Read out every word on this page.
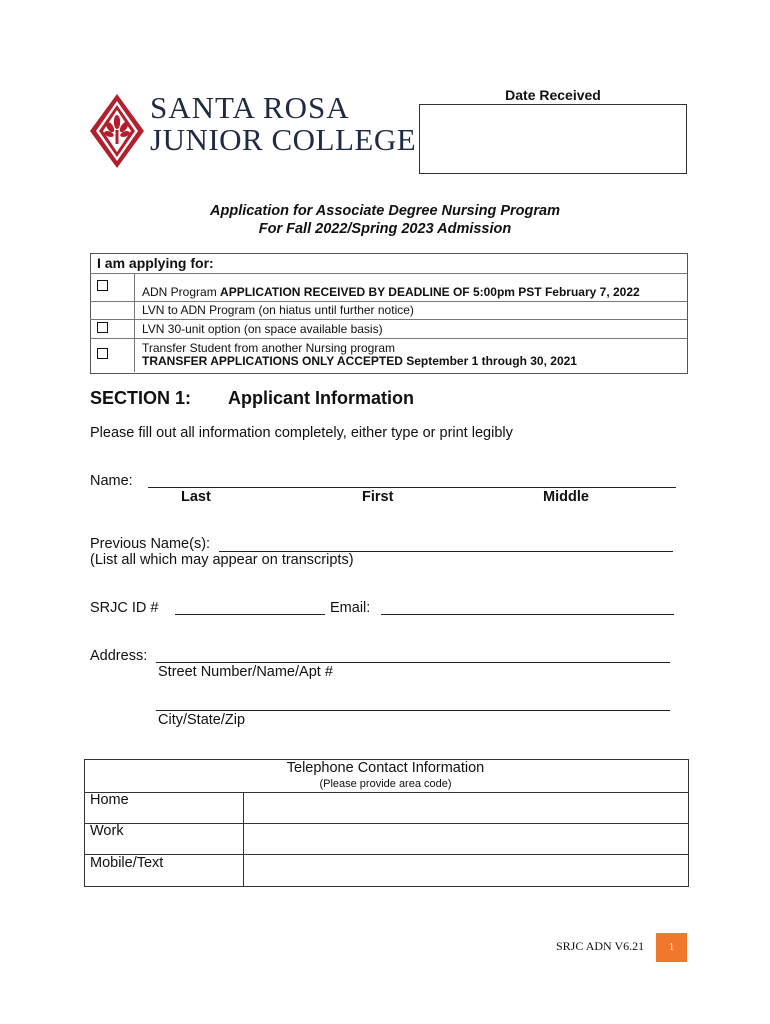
SANTA ROSA
JUNIOR COLLEGE
Date Received
Application for Associate Degree Nursing Program
For Fall 2022/Spring 2023 Admission
I am applying for:
ADN Program APPLICATION RECEIVED BY DEADLINE OF 5:00pm PST February 7, 2022
LVN to ADN Program (on hiatus until further notice)
LVN 30-unit option (on space available basis)
Transfer Student from another Nursing program
TRANSFER APPLICATIONS ONLY ACCEPTED September 1 through 30, 2021
SECTION 1: Applicant Information
Please fill out all information completely, either type or print legibly
Name:
Last	First	Middle
Previous Name(s):
(List all which may appear on transcripts)
SRJC ID #	Email:
Address:
Street Number/Name/Apt #
City/State/Zip
Telephone Contact Information
(Please provide area code)
Home
Work
Mobile/Text
SRJC ADN V6.21	1
